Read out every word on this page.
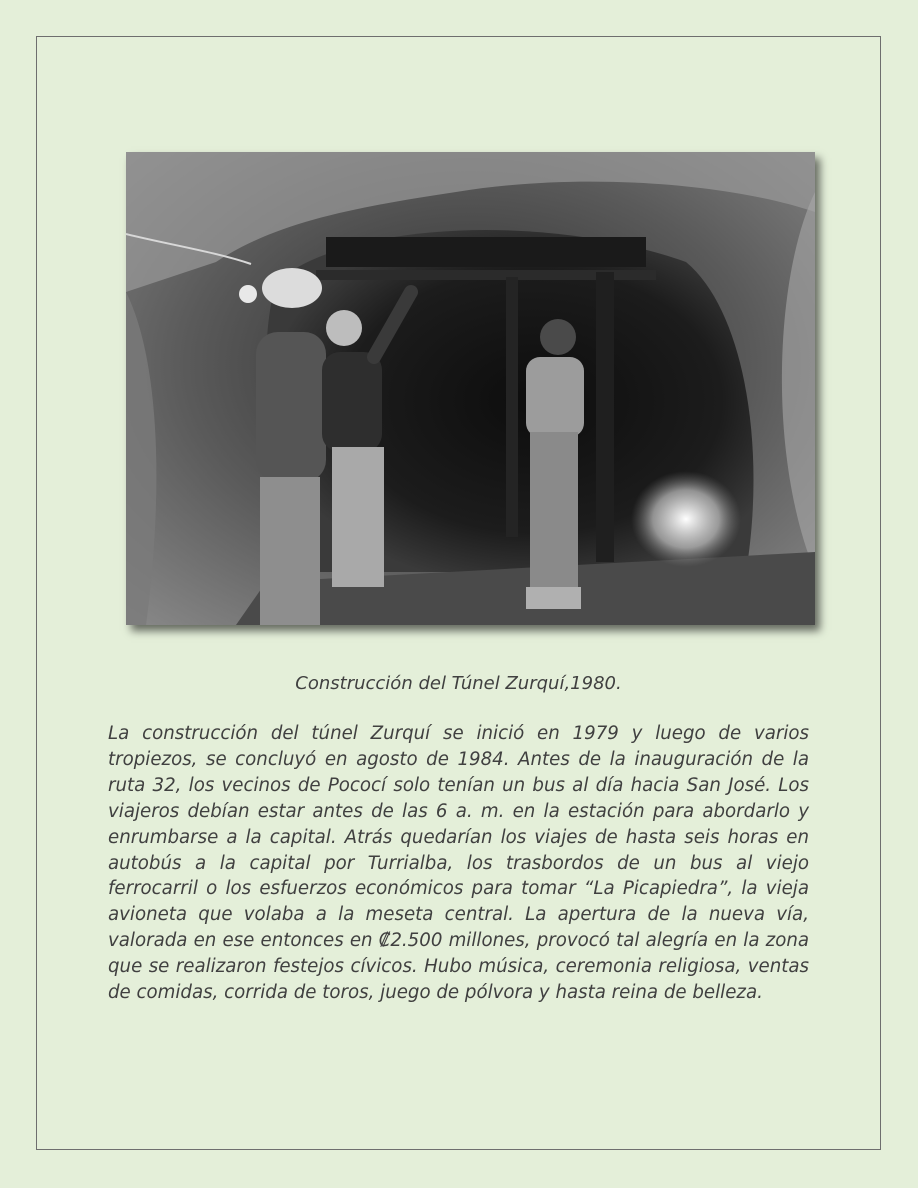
Construcción del Túnel Zurquí,1980.

La construcción del túnel Zurquí se inició en 1979 y luego de varios tropiezos, se concluyó en agosto de 1984. Antes de la inauguración de la ruta 32, los vecinos de Pococí solo tenían un bus al día hacia San José. Los viajeros debían estar antes de las 6 a. m. en la estación para abordarlo y enrumbarse a la capital. Atrás quedarían los viajes de hasta seis horas en autobús a la capital por Turrialba, los trasbordos de un bus al viejo ferrocarril o los esfuerzos económicos para tomar “La Picapiedra”, la vieja avioneta que volaba a la meseta central. La apertura de la nueva vía, valorada en ese entonces en ₡2.500 millones, provocó tal alegría en la zona que se realizaron festejos cívicos. Hubo música, ceremonia religiosa, ventas de comidas, corrida de toros, juego de pólvora y hasta reina de belleza.
